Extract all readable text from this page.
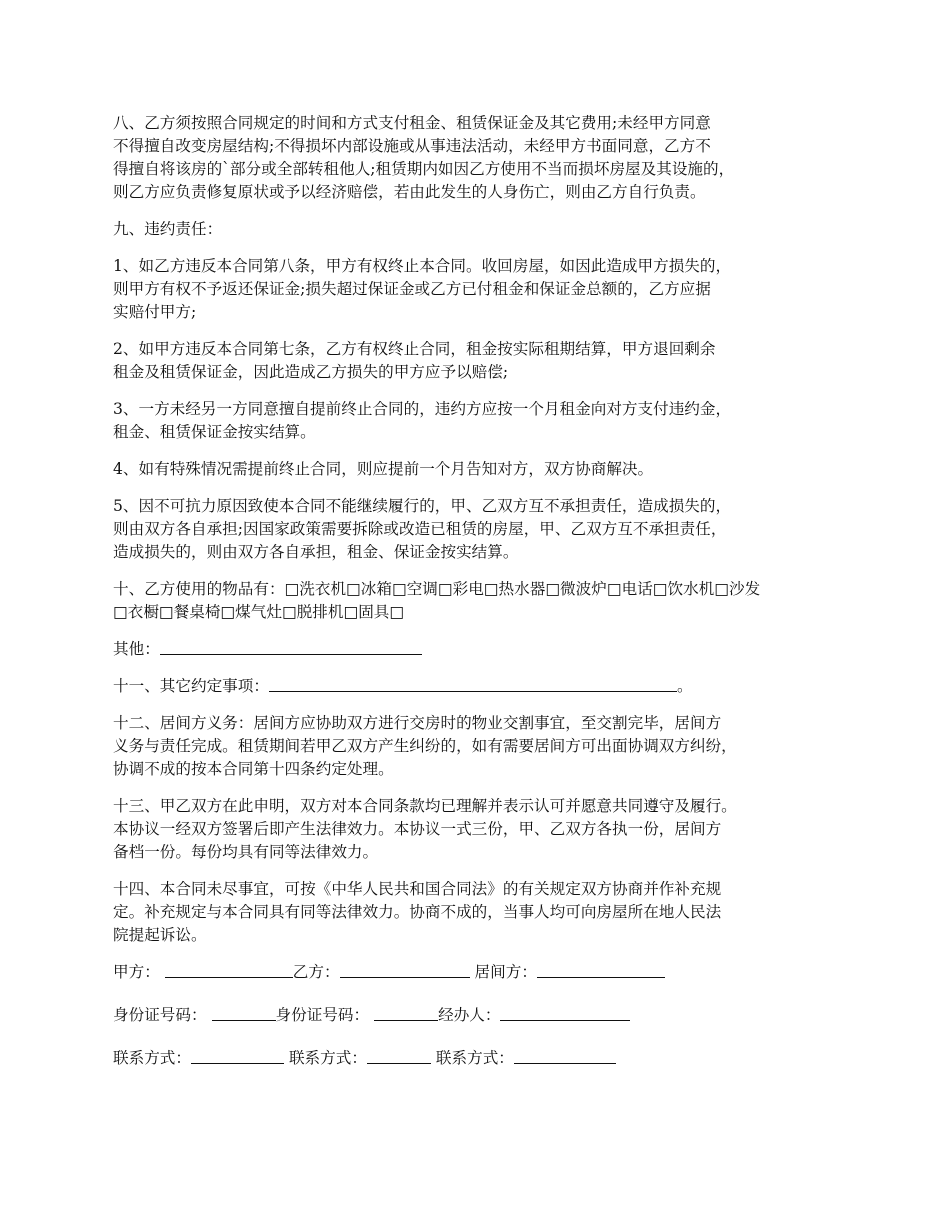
八、乙方须按照合同规定的时间和方式支付租金、租赁保证金及其它费用;未经甲方同意
不得擅自改变房屋结构;不得损坏内部设施或从事违法活动，未经甲方书面同意，乙方不
得擅自将该房的`部分或全部转租他人;租赁期内如因乙方使用不当而损坏房屋及其设施的，
则乙方应负责修复原状或予以经济赔偿，若由此发生的人身伤亡，则由乙方自行负责。
九、违约责任：
1、如乙方违反本合同第八条，甲方有权终止本合同。收回房屋，如因此造成甲方损失的，
则甲方有权不予返还保证金;损失超过保证金或乙方已付租金和保证金总额的，乙方应据
实赔付甲方;
2、如甲方违反本合同第七条，乙方有权终止合同，租金按实际租期结算，甲方退回剩余
租金及租赁保证金，因此造成乙方损失的甲方应予以赔偿;
3、一方未经另一方同意擅自提前终止合同的，违约方应按一个月租金向对方支付违约金，
租金、租赁保证金按实结算。
4、如有特殊情况需提前终止合同，则应提前一个月告知对方，双方协商解决。
5、因不可抗力原因致使本合同不能继续履行的，甲、乙双方互不承担责任，造成损失的，
则由双方各自承担;因国家政策需要拆除或改造已租赁的房屋，甲、乙双方互不承担责任，
造成损失的，则由双方各自承担，租金、保证金按实结算。
十、乙方使用的物品有：□洗衣机□冰箱□空调□彩电□热水器□微波炉□电话□饮水机□沙发
□衣橱□餐桌椅□煤气灶□脱排机□固具□
其他：
十一、其它约定事项：	。
十二、居间方义务：居间方应协助双方进行交房时的物业交割事宜，至交割完毕，居间方
义务与责任完成。租赁期间若甲乙双方产生纠纷的，如有需要居间方可出面协调双方纠纷，
协调不成的按本合同第十四条约定处理。
十三、甲乙双方在此申明，双方对本合同条款均已理解并表示认可并愿意共同遵守及履行。
本协议一经双方签署后即产生法律效力。本协议一式三份，甲、乙双方各执一份，居间方
备档一份。每份均具有同等法律效力。
十四、本合同未尽事宜，可按《中华人民共和国合同法》的有关规定双方协商并作补充规
定。补充规定与本合同具有同等法律效力。协商不成的，当事人均可向房屋所在地人民法
院提起诉讼。
甲方：	乙方：	居间方：
身份证号码：	身份证号码：	经办人：
联系方式：	联系方式：	联系方式：
